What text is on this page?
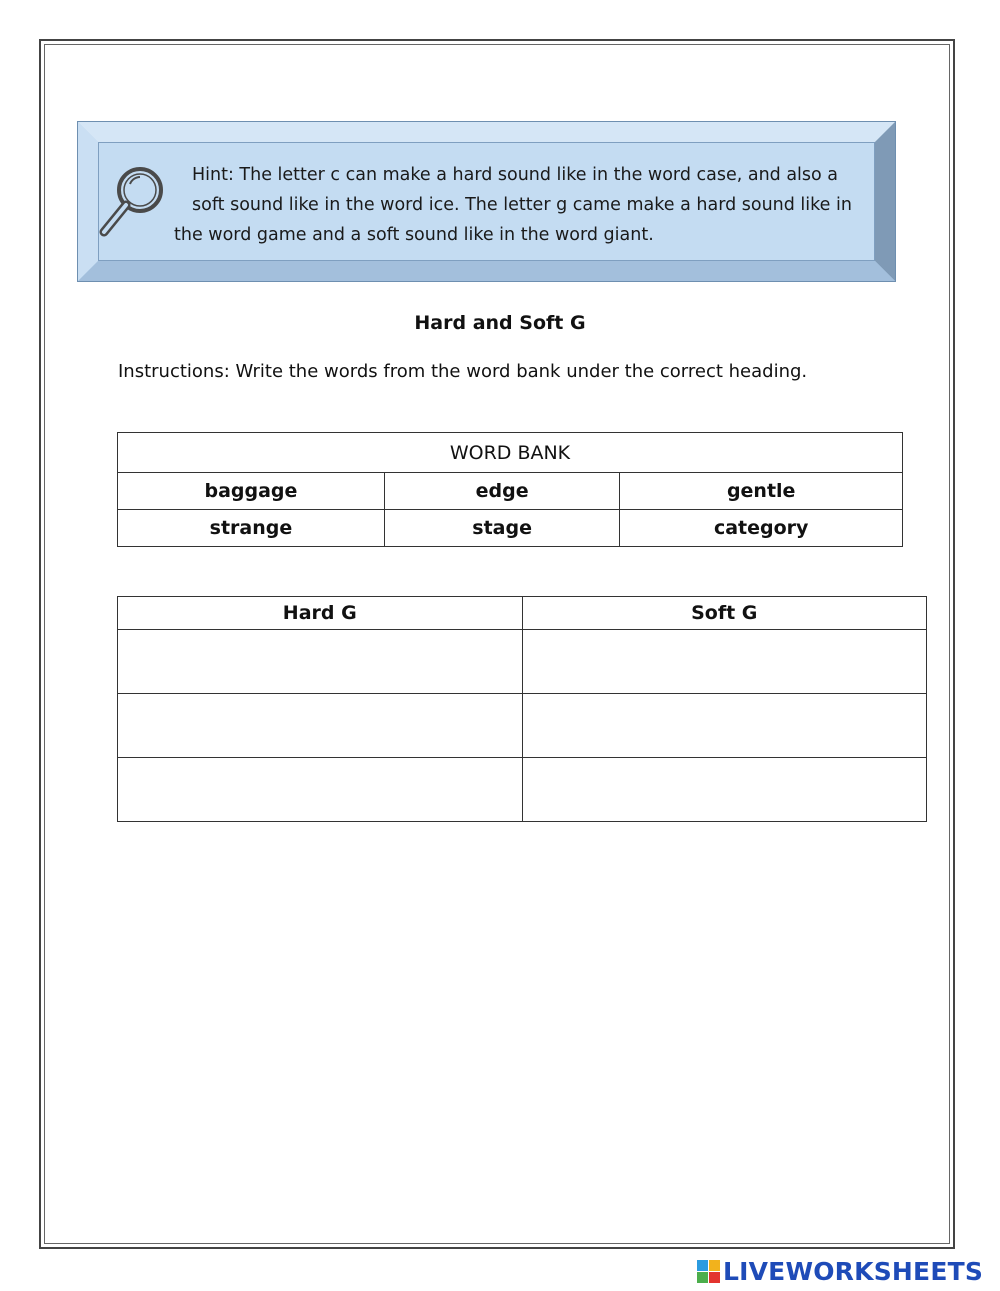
Hint: The letter c can make a hard sound like in the word case, and also a
soft sound like in the word ice. The letter g came make a hard sound like in
the word game and a soft sound like in the word giant.
Hard and Soft G
Instructions: Write the words from the word bank under the correct heading.
WORD BANK		
baggage	edge	gentle
strange	stage	category
Hard G	Soft G

LIVEWORKSHEETS
